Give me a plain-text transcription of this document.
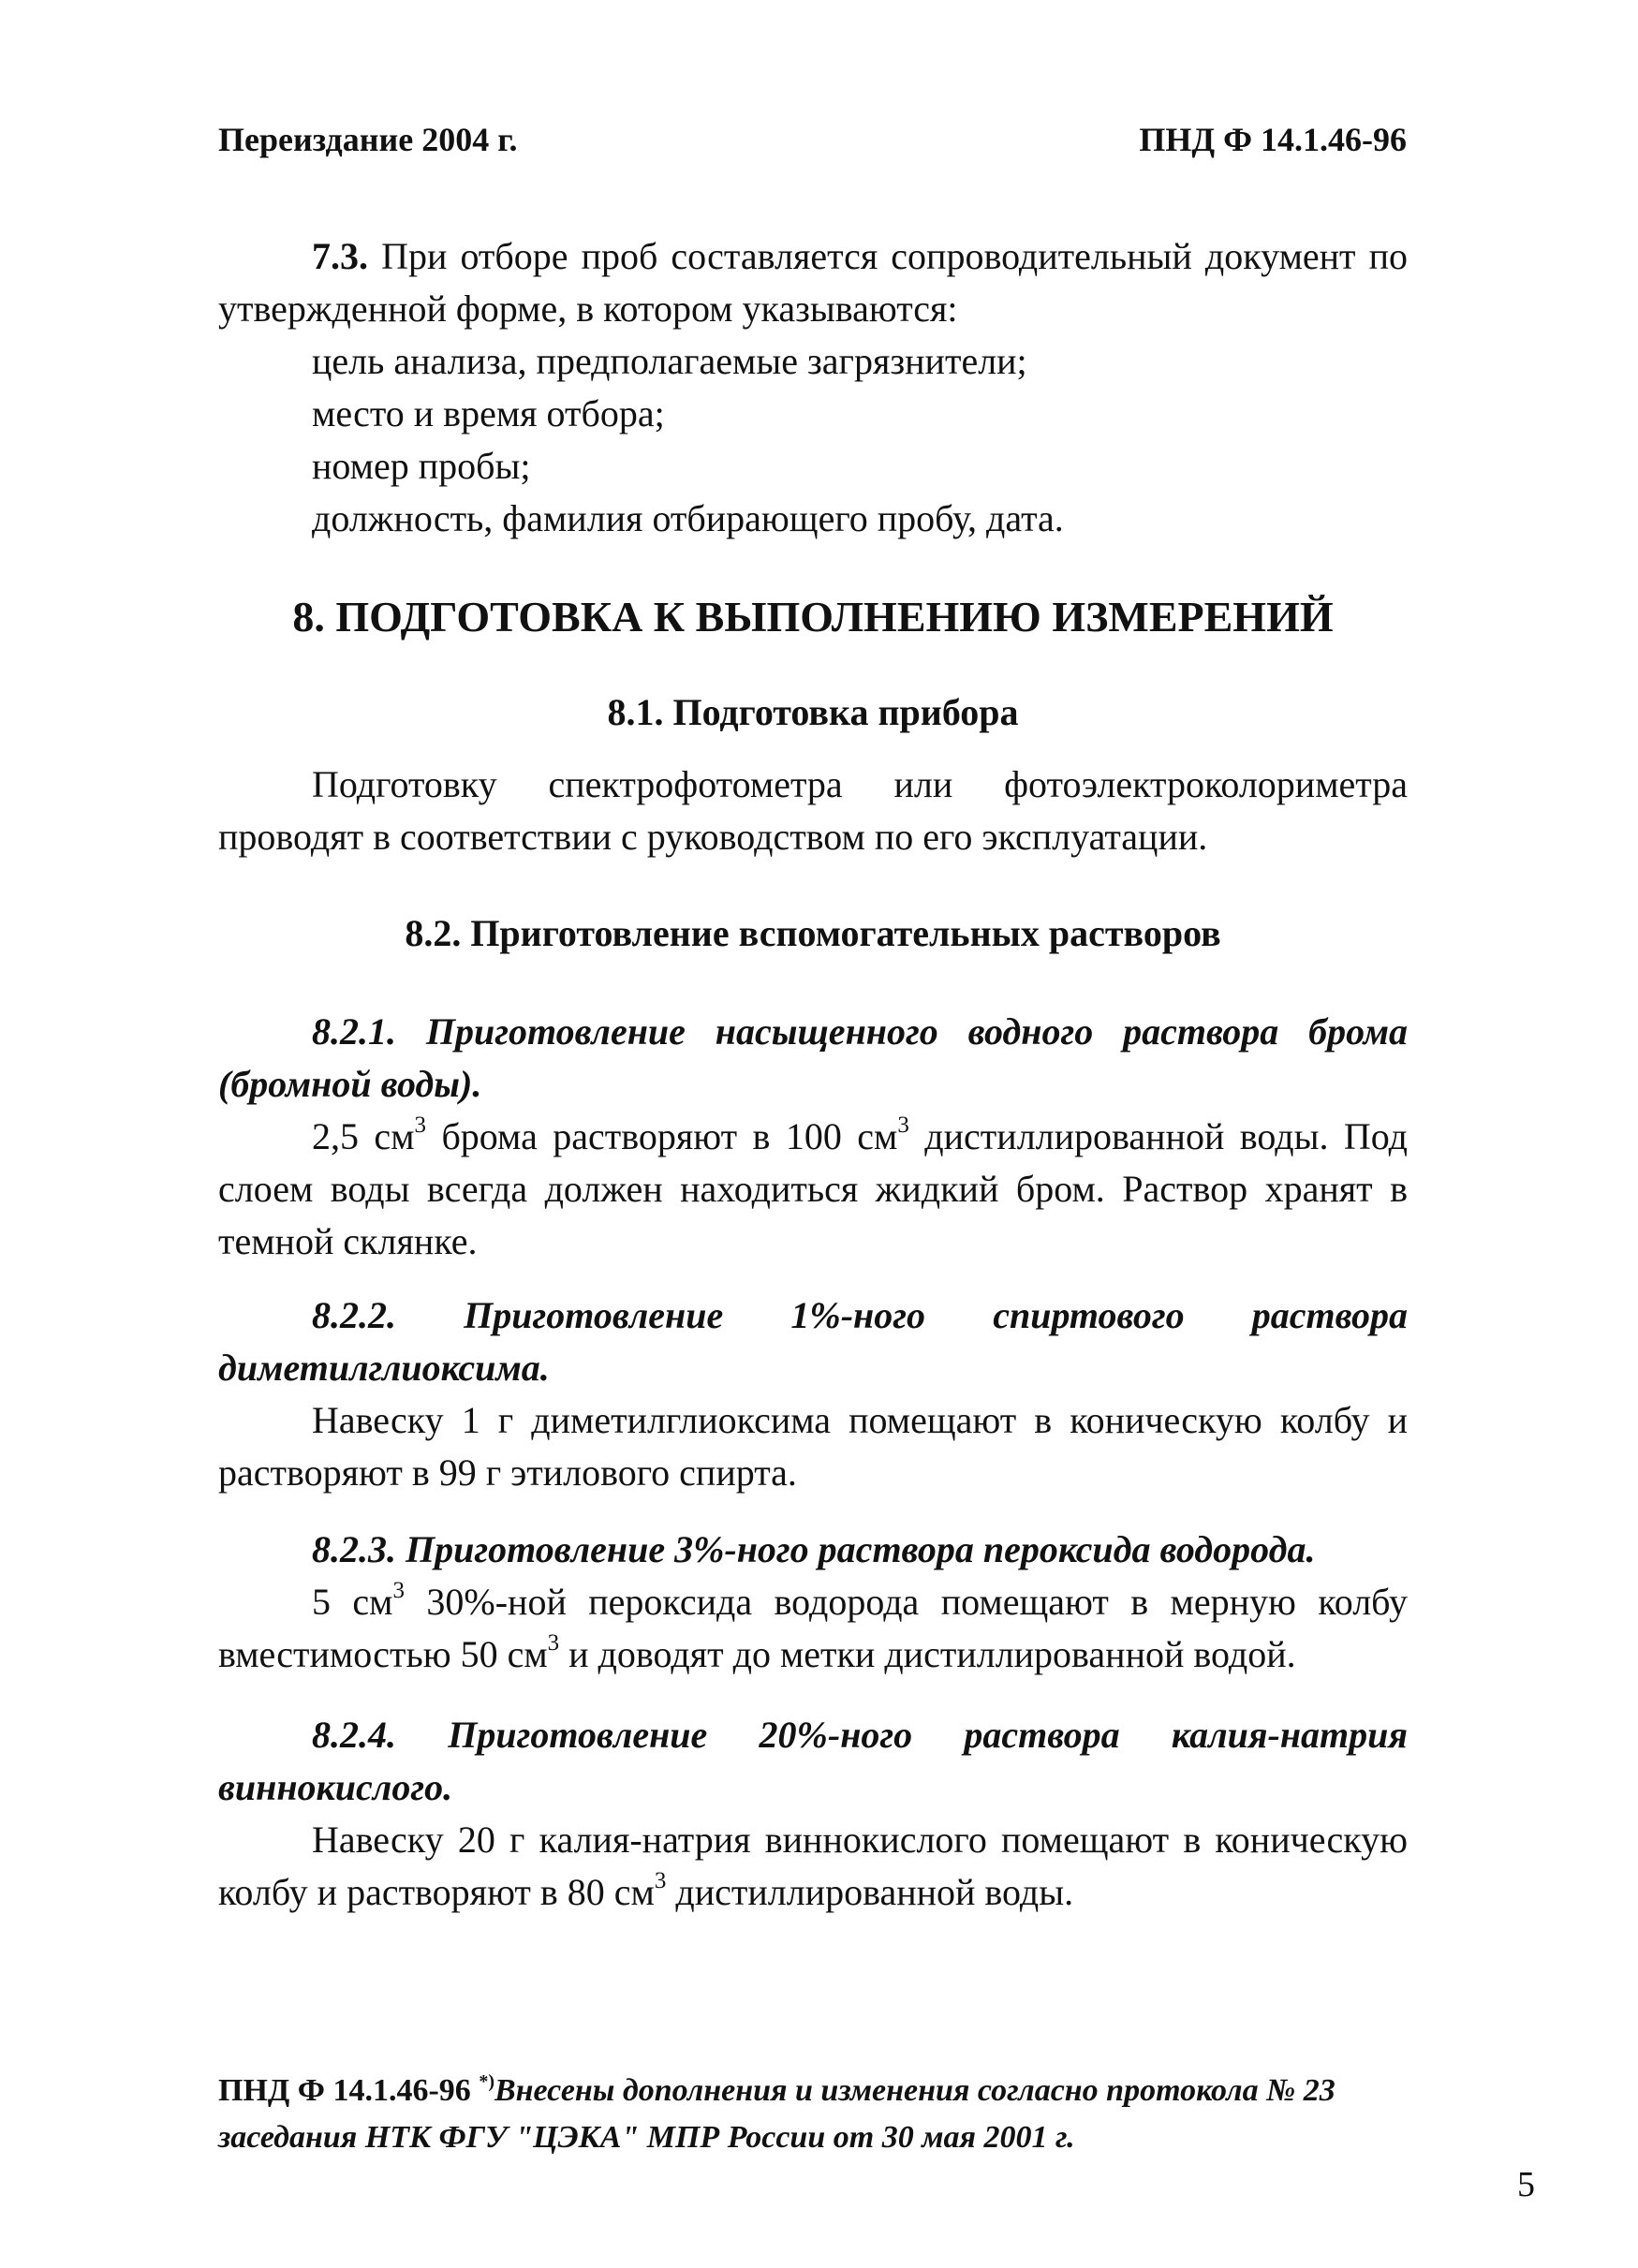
Переиздание 2004 г.	ПНД Ф 14.1.46-96

7.3. При отборе проб составляется сопроводительный документ по утвержденной форме, в котором указываются:

цель анализа, предполагаемые загрязнители;

место и время отбора;

номер пробы;

должность, фамилия отбирающего пробу, дата.

8. ПОДГОТОВКА К ВЫПОЛНЕНИЮ ИЗМЕРЕНИЙ
8.1. Подготовка прибора

Подготовку спектрофотометра или фотоэлектроколориметра проводят в соответствии с руководством по его эксплуатации.

8.2. Приготовление вспомогательных растворов

8.2.1. Приготовление насыщенного водного раствора брома (бромной воды).

2,5 $см^3$ брома растворяют в 100 $см^3$ дистиллированной воды. Под слоем воды всегда должен находиться жидкий бром. Раствор хранят в темной склянке.

8.2.2. Приготовление 1%-ного спиртового раствора диметилглиоксима.

Навеску 1 г диметилглиоксима помещают в коническую колбу и растворяют в 99 г этилового спирта.

8.2.3. Приготовление 3%-ного раствора пероксида водорода.

5 $см^3$ 30%-ной пероксида водорода помещают в мерную колбу вместимостью 50 $см^3$ и доводят до метки дистиллированной водой.

8.2.4. Приготовление 20%-ного раствора калия-натрия виннокислого.

Навеску 20 г калия-натрия виннокислого помещают в коническую колбу и растворяют в 80 $см^3$ дистиллированной воды.

ПНД Ф 14.1.46-96 *)Внесены дополнения и изменения согласно протокола № 23 заседания НТК ФГУ "ЦЭКА" МПР России от 30 мая 2001 г.
5
